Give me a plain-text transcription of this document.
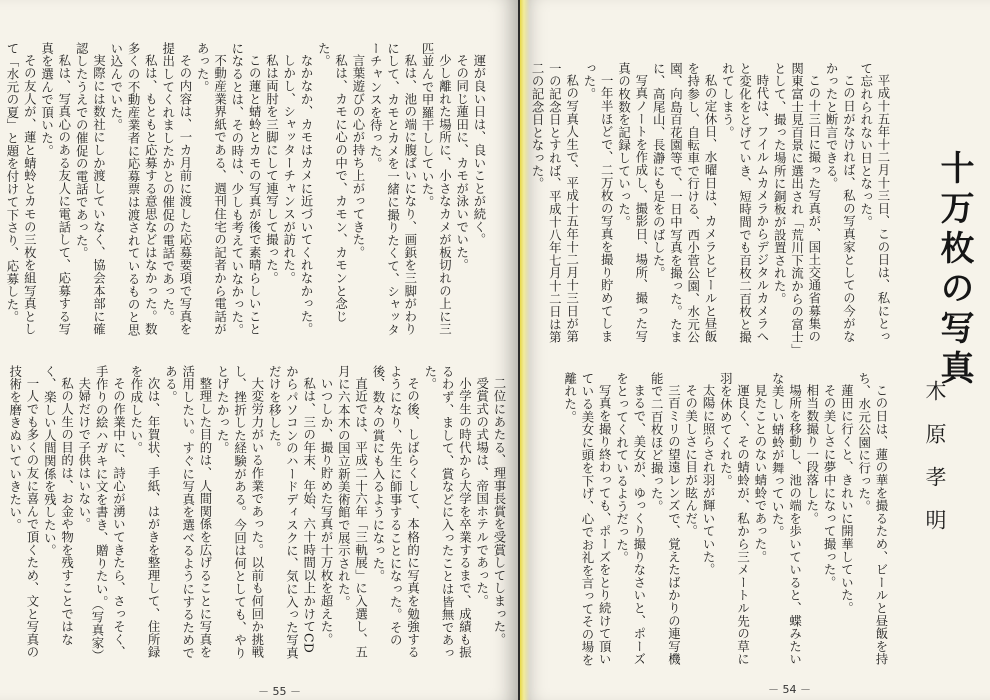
運が良い日は、良いことが続く。

その同じ蓮田に、カモが泳いでいた。

少し離れた場所に、小さなカメが板切れの上に三匹並んで甲羅干ししていた。

私は、池の端に腹ばいになり、画鋲を三脚がわりにして、カモとカメを一緒に撮りたくて、シャッターチャンスを待った。

言葉遊びの心が持ち上がってきた。

私は、カモに心の中で、カモン、カモンと念じた。

なかなか、カモはカメに近づいてくれなかった。

しかし、シャッターチャンスが訪れた。

私は両肘を三脚にして連写して撮った。

この蓮と蜻蛉とカモの写真が後で素晴らしいことになるとは、その時は、少しも考えていなかった。

不動産業界紙である、週刊住宅の記者から電話があった。

その内容は、一カ月前に渡した応募要項で写真を提出してくれましたかとの催促の電話であった。

私は、もともと応募する意思などはなかった。数多くの不動産業者に応募票は渡されているものと思い込んでいた。

実際には数社にしか渡していなく、協会本部に確認したうえでの催促の電話であった。

私は、写真心のある友人に電話して、応募する写真を選んで頂いた。

その友人が、蓮と蜻蛉とカモの三枚を組写真として「水元の夏」と題を付けて下さり、応募した。

二位にあたる、理事長賞を受賞してしまった。

受賞式の式場は、帝国ホテルであった。

小学生の時代から大学を卒業するまで、成績も振るわず、まして、賞などに入ったことは皆無であった。

その後、しばらくして、本格的に写真を勉強するようになり、先生に師事することになった。その後、数々の賞にも入るようになった。

直近では、平成二十六年「三軌展」に入選し、五月に六本木の国立新美術館で展示された。

いつしか、撮り貯めた写真が十万枚を超えた。

私は、三の年末、年始、六十時間以上かけてCDからパソコンのハードディスクに、気に入った写真だけを移した。

大変労力がいる作業であった。以前も何回か挑戦し、挫折した経験がある。今回は何としても、やりとげたかった。

整理した目的は、人間関係を広げることに写真を活用したい。すぐに写真を選べるようにするためである。

次は、年賀状、手紙、はがきを整理して、住所録を作成したい。

その作業中に、詩心が湧いてきたら、さっそく、手作りの絵ハガキに文を書き、贈りたい。

夫婦だけで子供はいない。

私の人生の目的は、お金や物を残すことではなく、楽しい人間関係を残したい。

一人でも多くの友に喜んで頂くため、文と写真の技術を磨きぬいていきたい。

（写真家）
－ 55 －

平成十五年十二月十三日、この日は、私にとって忘れられない日となった。

この日がなければ、私の写真家としての今がなかったと断言できる。

この十三日に撮った写真が、国土交通省募集の関東富士見百景に選出され「荒川下流からの富士」として、撮った場所に銅板が設置された。

時代は、フイルムカメラからデジタルカメラへと変化をとげていき、短時間でも百枚二百枚と撮れてしまう。

私の定休日、水曜日は、カメラとビールと昼飯を持参し、自転車で行ける、西小菅公園、水元公園、向島百花園等で、一日中写真を撮った。たまに、高尾山、長瀞にも足をのばした。

写真ノートを作成し、撮影日、場所、撮った写真の枚数を記録していった。

一年半ほどで、二万枚の写真を撮り貯めてしまった。

私の写真人生で、平成十五年十二月十三日が第一の記念日とすれば、平成十八年七月十二日は第二の記念日となった。

この日は、蓮の華を撮るため、ビールと昼飯を持ち、水元公園に行った。

蓮田に行くと、きれいに開華していた。

その美しさに夢中になって撮った。

相当数撮り一段落した。

場所を移動し、池の端を歩いていると、蝶みたいな美しい蜻蛉が舞っていた。

見たことのない蜻蛉であった。

運良く、その蜻蛉が、私から三メートル先の草に羽を休めてくれた。

太陽に照らされ羽が輝いていた。

その美しさに目が眩んだ。

三百ミリの望遠レンズで、覚えたばかりの連写機能で二百枚ほど撮った。

まるで、美女が、ゆっくり撮りなさいと、ポーズをとってくれているようだった。

写真を撮り終わっても、ポーズをとり続けて頂いている美女に頭を下げ、心でお礼を言ってその場を離れた。

－ 54 －
十万枚の写真
木原孝明
